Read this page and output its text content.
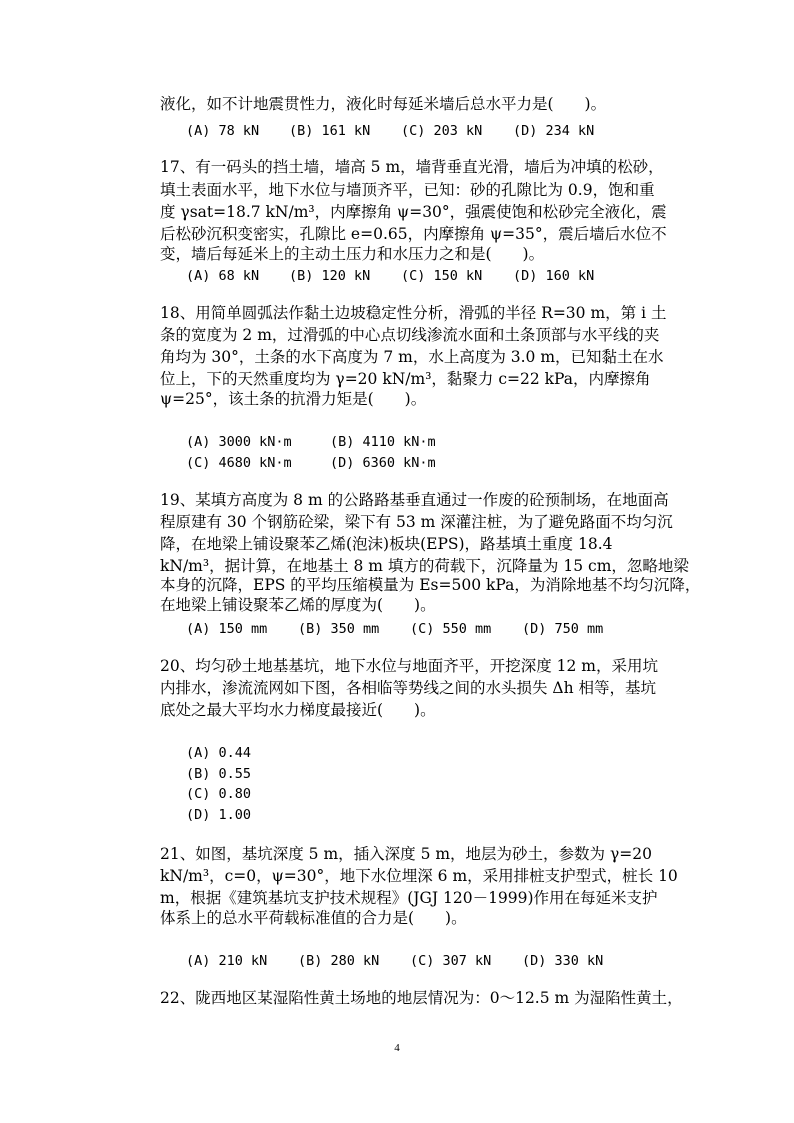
液化，如不计地震贯性力，液化时每延米墙后总水平力是(　　)。
(A) 78 kN (B) 161 kN (C) 203 kN (D) 234 kN
17、有一码头的挡土墙，墙高 5 m，墙背垂直光滑，墙后为冲填的松砂，
填土表面水平，地下水位与墙顶齐平，已知：砂的孔隙比为 0.9，饱和重
度 γsat=18.7 kN/m³，内摩擦角 ψ=30°，强震使饱和松砂完全液化，震
后松砂沉积变密实，孔隙比 e=0.65，内摩擦角 ψ=35°，震后墙后水位不
变，墙后每延米上的主动土压力和水压力之和是(　　)。
(A) 68 kN (B) 120 kN (C) 150 kN (D) 160 kN
18、用简单圆弧法作黏土边坡稳定性分析，滑弧的半径 R=30 m，第 i 土
条的宽度为 2 m，过滑弧的中心点切线渗流水面和土条顶部与水平线的夹
角均为 30°，土条的水下高度为 7 m，水上高度为 3.0 m，已知黏土在水
位上，下的天然重度均为 γ=20 kN/m³，黏聚力 c=22 kPa，内摩擦角
ψ=25°，该土条的抗滑力矩是(　　)。
(A) 3000 kN·m	(B) 4110 kN·m
(C) 4680 kN·m	(D) 6360 kN·m
19、某填方高度为 8 m 的公路路基垂直通过一作废的砼预制场，在地面高
程原建有 30 个钢筋砼梁，梁下有 53 m 深灌注桩，为了避免路面不均匀沉
降，在地梁上铺设聚苯乙烯(泡沫)板块(EPS)，路基填土重度 18.4
kN/m³，据计算，在地基土 8 m 填方的荷载下，沉降量为 15 cm，忽略地梁
本身的沉降，EPS 的平均压缩模量为 Es=500 kPa，为消除地基不均匀沉降，
在地梁上铺设聚苯乙烯的厚度为(　　)。
(A) 150 mm (B) 350 mm (C) 550 mm (D) 750 mm
20、均匀砂土地基基坑，地下水位与地面齐平，开挖深度 12 m，采用坑
内排水，渗流流网如下图，各相临等势线之间的水头损失 Δh 相等，基坑
底处之最大平均水力梯度最接近(　　)。
(A) 0.44
(B) 0.55
(C) 0.80
(D) 1.00
21、如图，基坑深度 5 m，插入深度 5 m，地层为砂土，参数为 γ=20
kN/m³，c=0，ψ=30°，地下水位埋深 6 m，采用排桩支护型式，桩长 10
m，根据《建筑基坑支护技术规程》(JGJ 120－1999)作用在每延米支护
体系上的总水平荷载标准值的合力是(　　)。
(A) 210 kN (B) 280 kN (C) 307 kN (D) 330 kN
22、陇西地区某湿陷性黄土场地的地层情况为：0～12.5 m 为湿陷性黄土，
4
